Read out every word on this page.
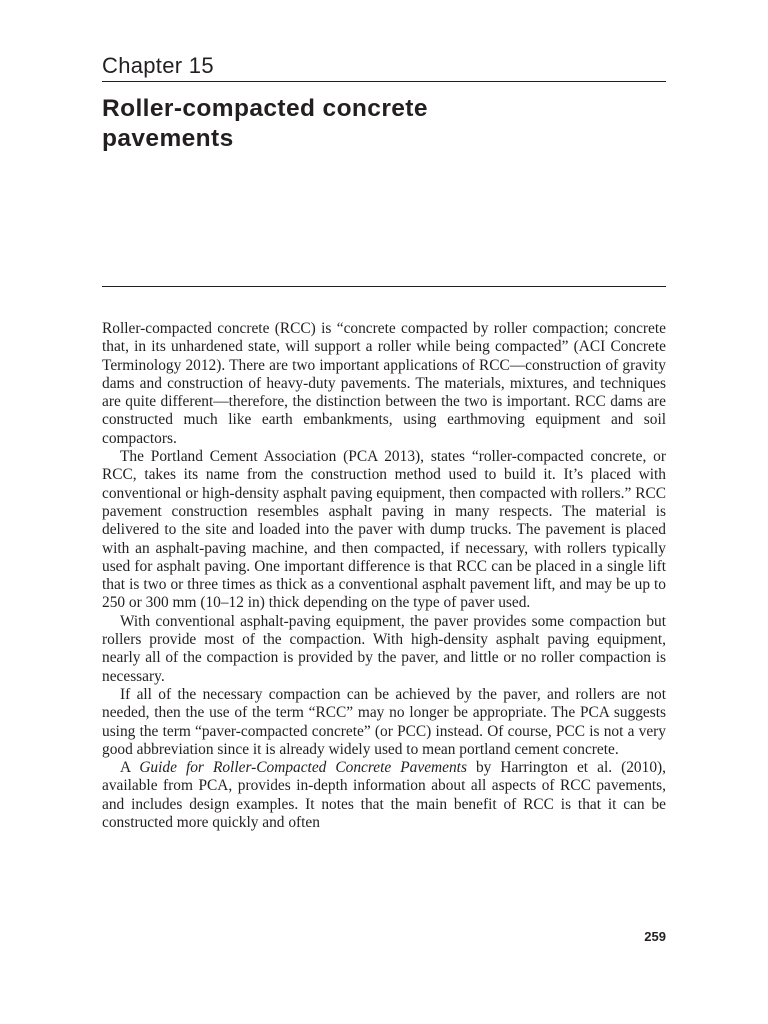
Chapter 15
Roller-compacted concrete
pavements

Roller-compacted concrete (RCC) is “concrete compacted by roller compaction; concrete that, in its unhardened state, will support a roller while being compacted” (ACI Concrete Terminology 2012). There are two important applications of RCC—construction of gravity dams and construction of heavy-duty pavements. The materials, mixtures, and techniques are quite different—therefore, the distinction between the two is important. RCC dams are constructed much like earth embankments, using earthmoving equipment and soil compactors.

The Portland Cement Association (PCA 2013), states “roller-compacted concrete, or RCC, takes its name from the construction method used to build it. It’s placed with conventional or high-density asphalt paving equipment, then compacted with rollers.” RCC pavement construction resembles asphalt paving in many respects. The material is delivered to the site and loaded into the paver with dump trucks. The pavement is placed with an asphalt-paving machine, and then compacted, if necessary, with rollers typically used for asphalt paving. One important difference is that RCC can be placed in a single lift that is two or three times as thick as a conventional asphalt pavement lift, and may be up to 250 or 300 mm (10–12 in) thick depending on the type of paver used.

With conventional asphalt-paving equipment, the paver provides some compaction but rollers provide most of the compaction. With high-density asphalt paving equipment, nearly all of the compaction is provided by the paver, and little or no roller compaction is necessary.

If all of the necessary compaction can be achieved by the paver, and rollers are not needed, then the use of the term “RCC” may no longer be appropriate. The PCA suggests using the term “paver-compacted concrete” (or PCC) instead. Of course, PCC is not a very good abbreviation since it is already widely used to mean portland cement concrete.

A Guide for Roller-Compacted Concrete Pavements by Harrington et al. (2010), available from PCA, provides in-depth information about all aspects of RCC pavements, and includes design examples. It notes that the main benefit of RCC is that it can be constructed more quickly and often

259
